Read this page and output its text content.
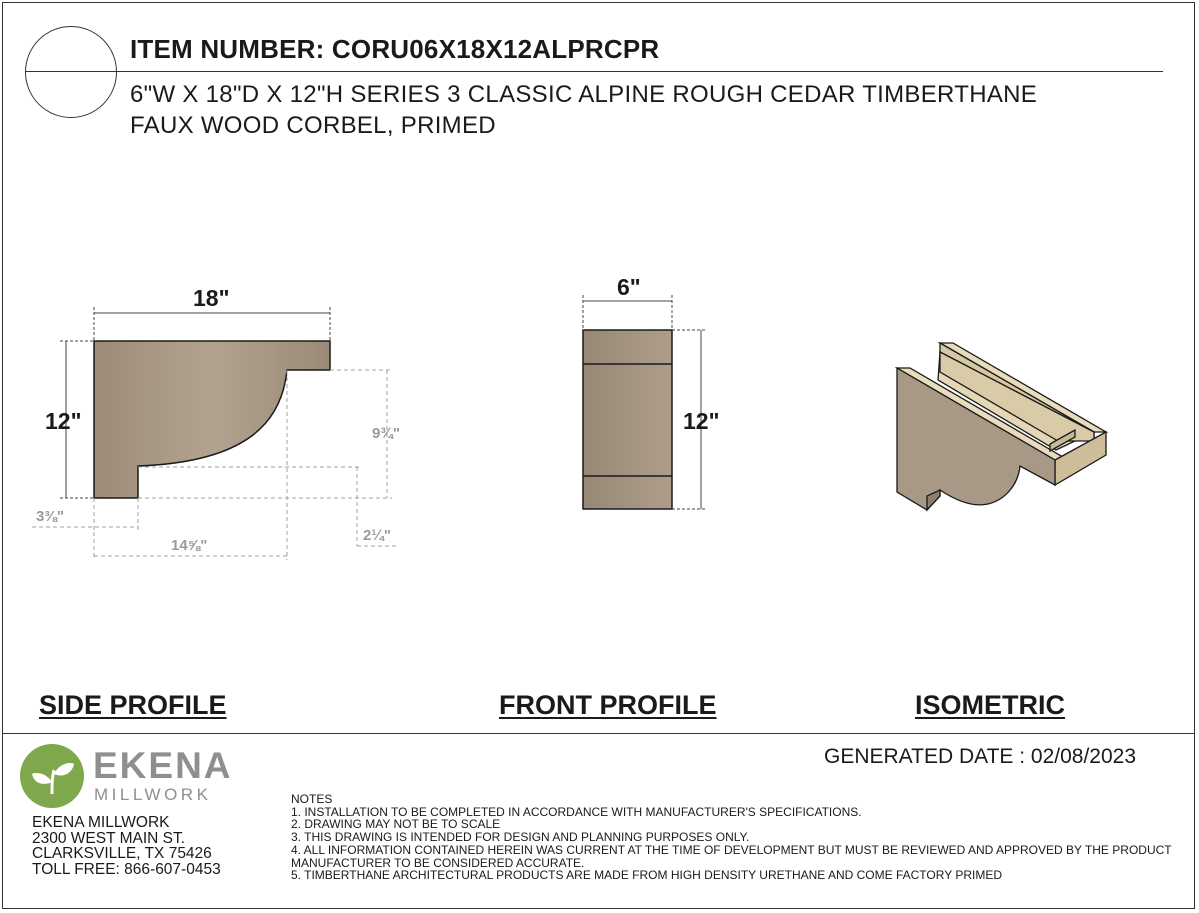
ITEM NUMBER: CORU06X18X12ALPRCPR
6"W X 18"D X 12"H SERIES 3 CLASSIC ALPINE ROUGH CEDAR TIMBERTHANE
FAUX WOOD CORBEL, PRIMED
18"
12"	9¾"
14⅝"
3⅜"
2¼"
6"
12"
SIDE PROFILE	FRONT PROFILE	ISOMETRIC
GENERATED DATE : 02/08/2023
EKENA
MILLWORK
EKENA MILLWORK
2300 WEST MAIN ST.
CLARKSVILLE, TX 75426
TOLL FREE: 866-607-0453
NOTES
1. INSTALLATION TO BE COMPLETED IN ACCORDANCE WITH MANUFACTURER'S SPECIFICATIONS.
2. DRAWING MAY NOT BE TO SCALE
3. THIS DRAWING IS INTENDED FOR DESIGN AND PLANNING PURPOSES ONLY.
4. ALL INFORMATION CONTAINED HEREIN WAS CURRENT AT THE TIME OF DEVELOPMENT BUT MUST BE REVIEWED AND APPROVED BY THE PRODUCT MANUFACTURER TO BE CONSIDERED ACCURATE.
5. TIMBERTHANE ARCHITECTURAL PRODUCTS ARE MADE FROM HIGH DENSITY URETHANE AND COME FACTORY PRIMED
